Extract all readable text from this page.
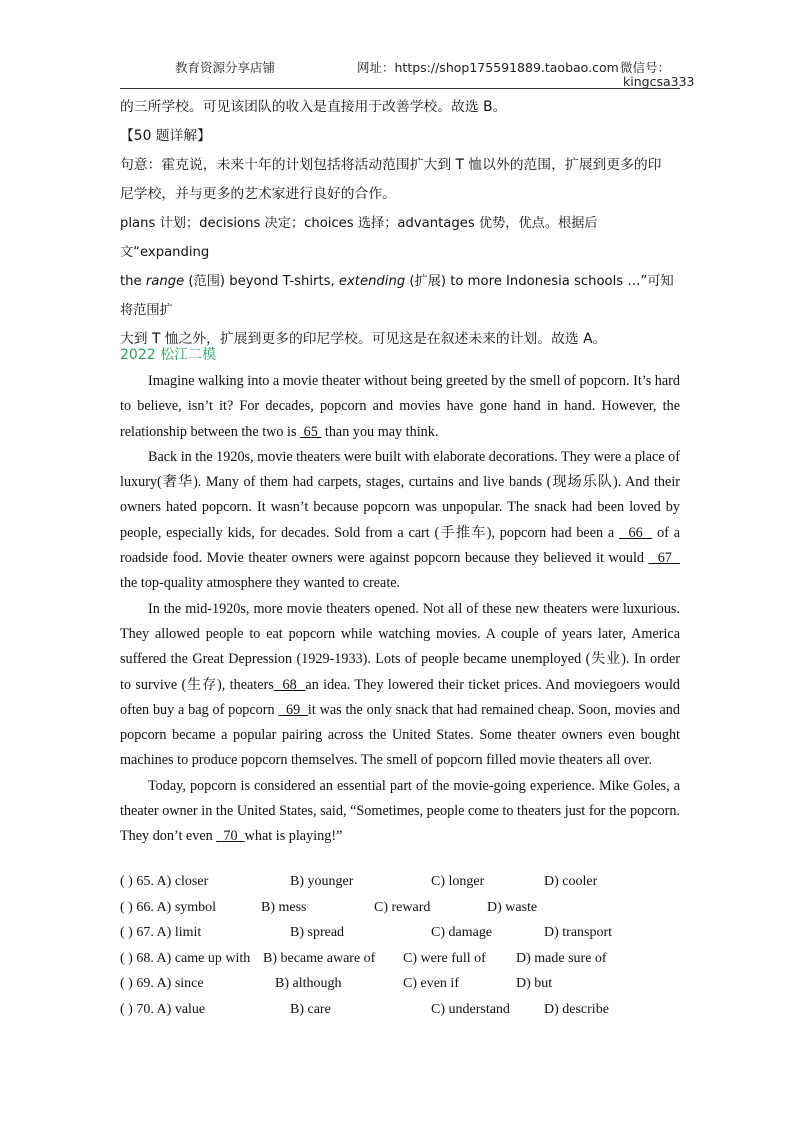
教育资源分享店铺	网址：https://shop175591889.taobao.com 微信号：
kingcsa333

的三所学校。可见该团队的收入是直接用于改善学校。故选 B。

【50 题详解】

句意：霍克说，未来十年的计划包括将活动范围扩大到 T 恤以外的范围，扩展到更多的印

尼学校，并与更多的艺术家进行良好的合作。

plans 计划；decisions 决定；choices 选择；advantages 优势，优点。根据后文“expanding

the range (范围) beyond T-shirts, extending (扩展) to more Indonesia schools …”可知将范围扩

大到 T 恤之外，扩展到更多的印尼学校。可见这是在叙述未来的计划。故选 A。

2022 松江二模

Imagine walking into a movie theater without being greeted by the smell of popcorn. It’s hard to believe, isn’t it? For decades, popcorn and movies have gone hand in hand. However, the relationship between the two is  65  than you may think.

Back in the 1920s, movie theaters were built with elaborate decorations. They were a place of luxury(奢华). Many of them had carpets, stages, curtains and live bands (现场乐队). And their owners hated popcorn. It wasn’t because popcorn was unpopular. The snack had been loved by people, especially kids, for decades. Sold from a cart (手推车), popcorn had been a   66   of a roadside food. Movie theater owners were against popcorn because they believed it would   67   the top-quality atmosphere they wanted to create.

In the mid-1920s, more movie theaters opened. Not all of these new theaters were luxurious. They allowed people to eat popcorn while watching movies. A couple of years later, America suffered the Great Depression (1929-1933). Lots of people became unemployed (失业). In order to survive (生存), theaters  68  an idea. They lowered their ticket prices. And moviegoers would often buy a bag of popcorn   69  it was the only snack that had remained cheap. Soon, movies and popcorn became a popular pairing across the United States. Some theater owners even bought machines to produce popcorn themselves. The smell of popcorn filled movie theaters all over.

Today, popcorn is considered an essential part of the movie-going experience. Mike Goles, a theater owner in the United States, said, “Sometimes, people come to theaters just for the popcorn. They don’t even   70  what is playing!”

( ) 65. A) closer	B) younger	C) longer	D) cooler
( ) 66. A) symbol	B) mess	C) reward	D) waste
( ) 67. A) limit	B) spread	C) damage	D) transport
( ) 68. A) came up with B) became aware of C) were full of D) made sure of
( ) 69. A) since	B) although	C) even if	D) but
( ) 70. A) value	B) care	C) understand D) describe
